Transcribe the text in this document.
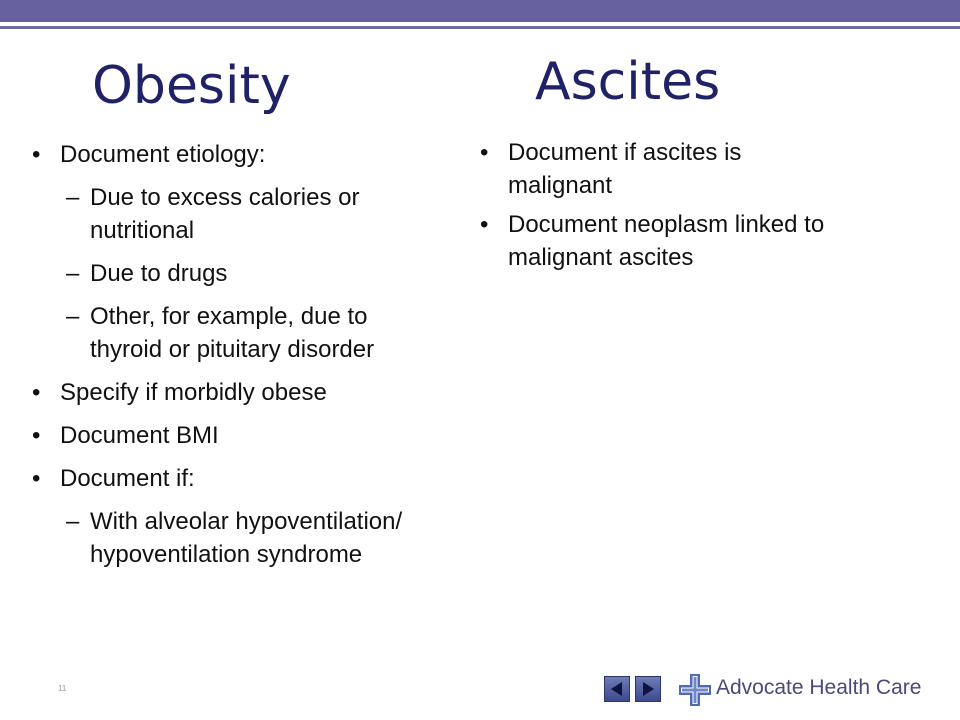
Obesity	Ascites
• Document etiology:
– Due to excess calories or nutritional
– Due to drugs
– Other, for example, due to thyroid or pituitary disorder
• Specify if morbidly obese
• Document BMI
• Document if:
– With alveolar hypoventilation/ hypoventilation syndrome
• Document if ascites is malignant
• Document neoplasm linked to malignant ascites
11	Advocate Health Care
